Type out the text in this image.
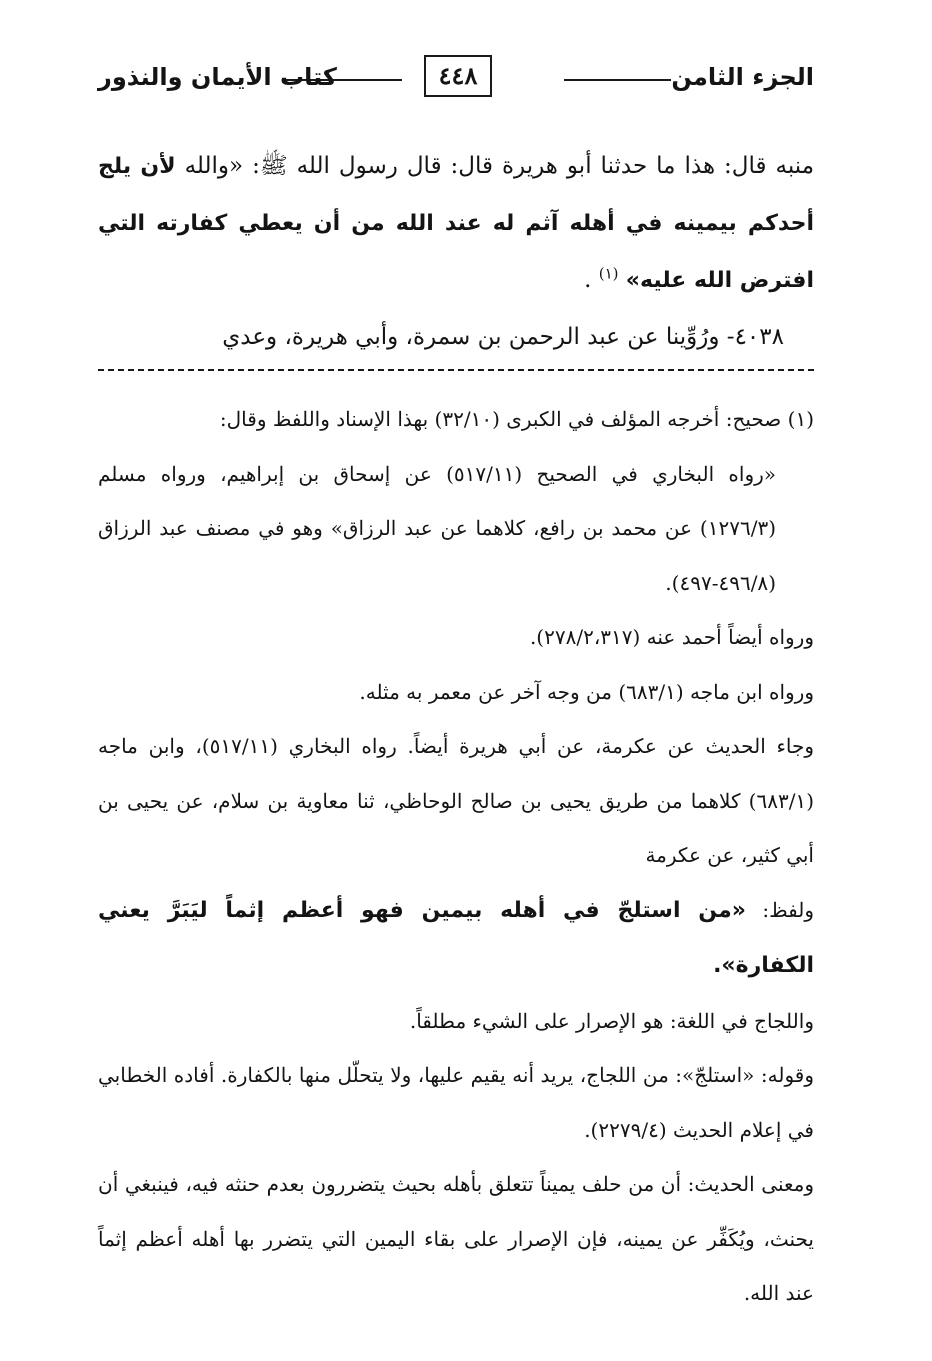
الجزء الثامن
٤٤٨
كتاب الأيمان والنذور

منبه قال: هذا ما حدثنا أبو هريرة قال: قال رسول الله ﷺ: «والله لأن يلج أحدكم بيمينه في أهله آثم له عند الله من أن يعطي كفارته التي افترض الله عليه» $^{(١)}$ .

٤٠٣٨- ورُوِّينا عن عبد الرحمن بن سمرة، وأبي هريرة، وعدي

(١) صحيح: أخرجه المؤلف في الكبرى (٣٢/١٠) بهذا الإسناد واللفظ وقال:

«رواه البخاري في الصحيح (٥١٧/١١) عن إسحاق بن إبراهيم، ورواه مسلم (١٢٧٦/٣) عن محمد بن رافع، كلاهما عن عبد الرزاق» وهو في مصنف عبد الرزاق (٤٩٦/٨-٤٩٧).

ورواه أيضاً أحمد عنه (٢٧٨/٢،٣١٧).

ورواه ابن ماجه (٦٨٣/١) من وجه آخر عن معمر به مثله.

وجاء الحديث عن عكرمة، عن أبي هريرة أيضاً. رواه البخاري (٥١٧/١١)، وابن ماجه (٦٨٣/١) كلاهما من طريق يحيى بن صالح الوحاظي، ثنا معاوية بن سلام، عن يحيى بن أبي كثير، عن عكرمة

ولفظ: «من استلجّ في أهله بيمين فهو أعظم إثماً ليَبَرَّ يعني الكفارة».

واللجاج في اللغة: هو الإصرار على الشيء مطلقاً.

وقوله: «استلجّ»: من اللجاج، يريد أنه يقيم عليها، ولا يتحلّل منها بالكفارة. أفاده الخطابي في إعلام الحديث (٢٢٧٩/٤).

ومعنى الحديث: أن من حلف يميناً تتعلق بأهله بحيث يتضررون بعدم حنثه فيه، فينبغي أن يحنث، ويُكَفِّر عن يمينه، فإن الإصرار على بقاء اليمين التي يتضرر بها أهله أعظم إثماً عند الله.
